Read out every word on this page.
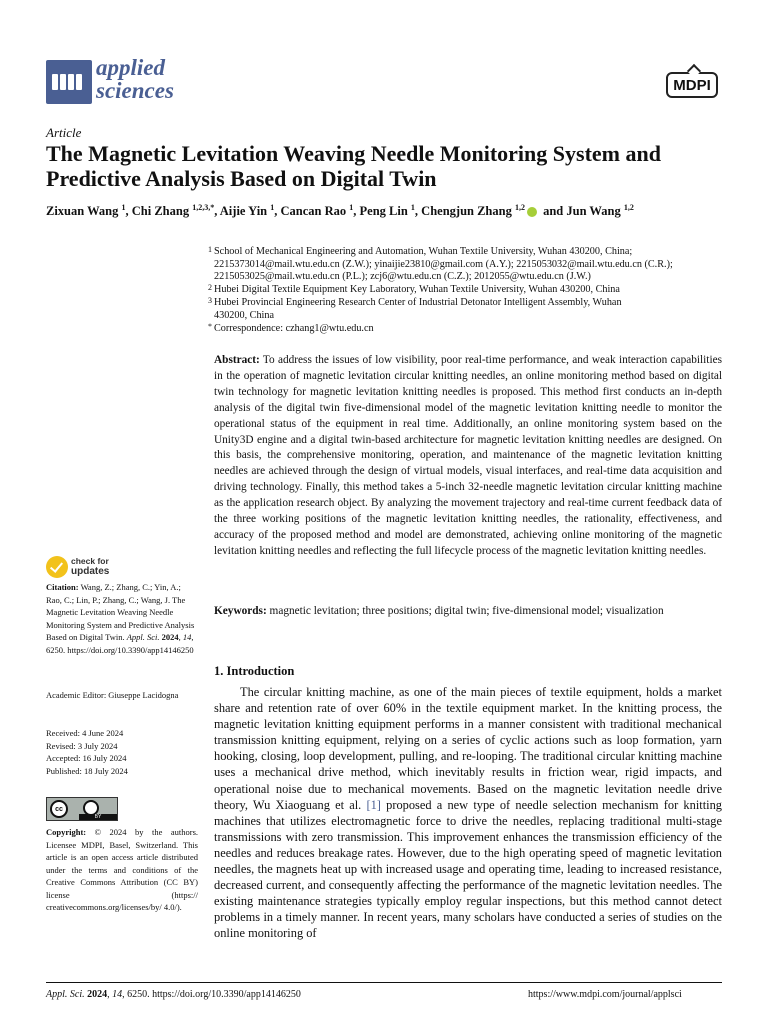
applied
sciences	MDPI
Article
The Magnetic Levitation Weaving Needle Monitoring System and Predictive Analysis Based on Digital Twin
Zixuan Wang $^1$, Chi Zhang $^{1,2,3,*}$, Aijie Yin $^1$, Cancan Rao $^1$, Peng Lin $^1$, Chengjun Zhang $^{1,2}$ and Jun Wang $^{1,2}$
1 School of Mechanical Engineering and Automation, Wuhan Textile University, Wuhan 430200, China; 2215373014@mail.wtu.edu.cn (Z.W.); yinaijie23810@gmail.com (A.Y.); 2215053032@mail.wtu.edu.cn (C.R.); 2215053025@mail.wtu.edu.cn (P.L.); zcj6@wtu.edu.cn (C.Z.); 2012055@wtu.edu.cn (J.W.)
2 Hubei Digital Textile Equipment Key Laboratory, Wuhan Textile University, Wuhan 430200, China
3 Hubei Provincial Engineering Research Center of Industrial Detonator Intelligent Assembly, Wuhan 430200, China
* Correspondence: czhang1@wtu.edu.cn
Abstract: To address the issues of low visibility, poor real-time performance, and weak interaction capabilities in the operation of magnetic levitation circular knitting needles, an online monitoring method based on digital twin technology for magnetic levitation knitting needles is proposed. This method first conducts an in-depth analysis of the digital twin five-dimensional model of the magnetic levitation knitting needle to monitor the operational status of the equipment in real time. Additionally, an online monitoring system based on the Unity3D engine and a digital twin-based architecture for magnetic levitation knitting needles are designed. On this basis, the comprehensive monitoring, operation, and maintenance of the magnetic levitation knitting needles are achieved through the design of virtual models, visual interfaces, and real-time data acquisition and driving technology. Finally, this method takes a 5-inch 32-needle magnetic levitation circular knitting machine as the application research object. By analyzing the movement trajectory and real-time current feedback data of the three working positions of the magnetic levitation knitting needles, the rationality, effectiveness, and accuracy of the proposed method and model are demonstrated, achieving online monitoring of the magnetic levitation knitting needles and reflecting the full lifecycle process of the magnetic levitation knitting needles.
Keywords: magnetic levitation; three positions; digital twin; five-dimensional model; visualization
1. Introduction
The circular knitting machine, as one of the main pieces of textile equipment, holds a market share and retention rate of over 60% in the textile equipment market. In the knitting process, the magnetic levitation knitting equipment performs in a manner consistent with traditional mechanical transmission knitting equipment, relying on a series of cyclic actions such as loop formation, yarn hooking, closing, loop development, pulling, and re-looping. The traditional circular knitting machine uses a mechanical drive method, which inevitably results in friction wear, rigid impacts, and operational noise due to mechanical movements. Based on the magnetic levitation needle drive theory, Wu Xiaoguang et al. [1] proposed a new type of needle selection mechanism for knitting machines that utilizes electromagnetic force to drive the needles, replacing traditional multi-stage transmissions with zero transmission. This improvement enhances the transmission efficiency of the needles and reduces breakage rates. However, due to the high operating speed of magnetic levitation needles, the magnets heat up with increased usage and operating time, leading to increased resistance, decreased current, and consequently affecting the performance of the magnetic levitation needles. The existing maintenance strategies typically employ regular inspections, but this method cannot detect problems in a timely manner. In recent years, many scholars have conducted a series of studies on the online monitoring of
check for
updates
Citation: Wang, Z.; Zhang, C.; Yin, A.; Rao, C.; Lin, P.; Zhang, C.; Wang, J. The Magnetic Levitation Weaving Needle Monitoring System and Predictive Analysis Based on Digital Twin. Appl. Sci. 2024, 14, 6250. https://doi.org/10.3390/app14146250
Academic Editor: Giuseppe Lacidogna
Received: 4 June 2024
Revised: 3 July 2024
Accepted: 16 July 2024
Published: 18 July 2024
cc
BY
Copyright: © 2024 by the authors. Licensee MDPI, Basel, Switzerland. This article is an open access article distributed under the terms and conditions of the Creative Commons Attribution (CC BY) license (https:// creativecommons.org/licenses/by/ 4.0/).
Appl. Sci. 2024, 14, 6250. https://doi.org/10.3390/app14146250	https://www.mdpi.com/journal/applsci
